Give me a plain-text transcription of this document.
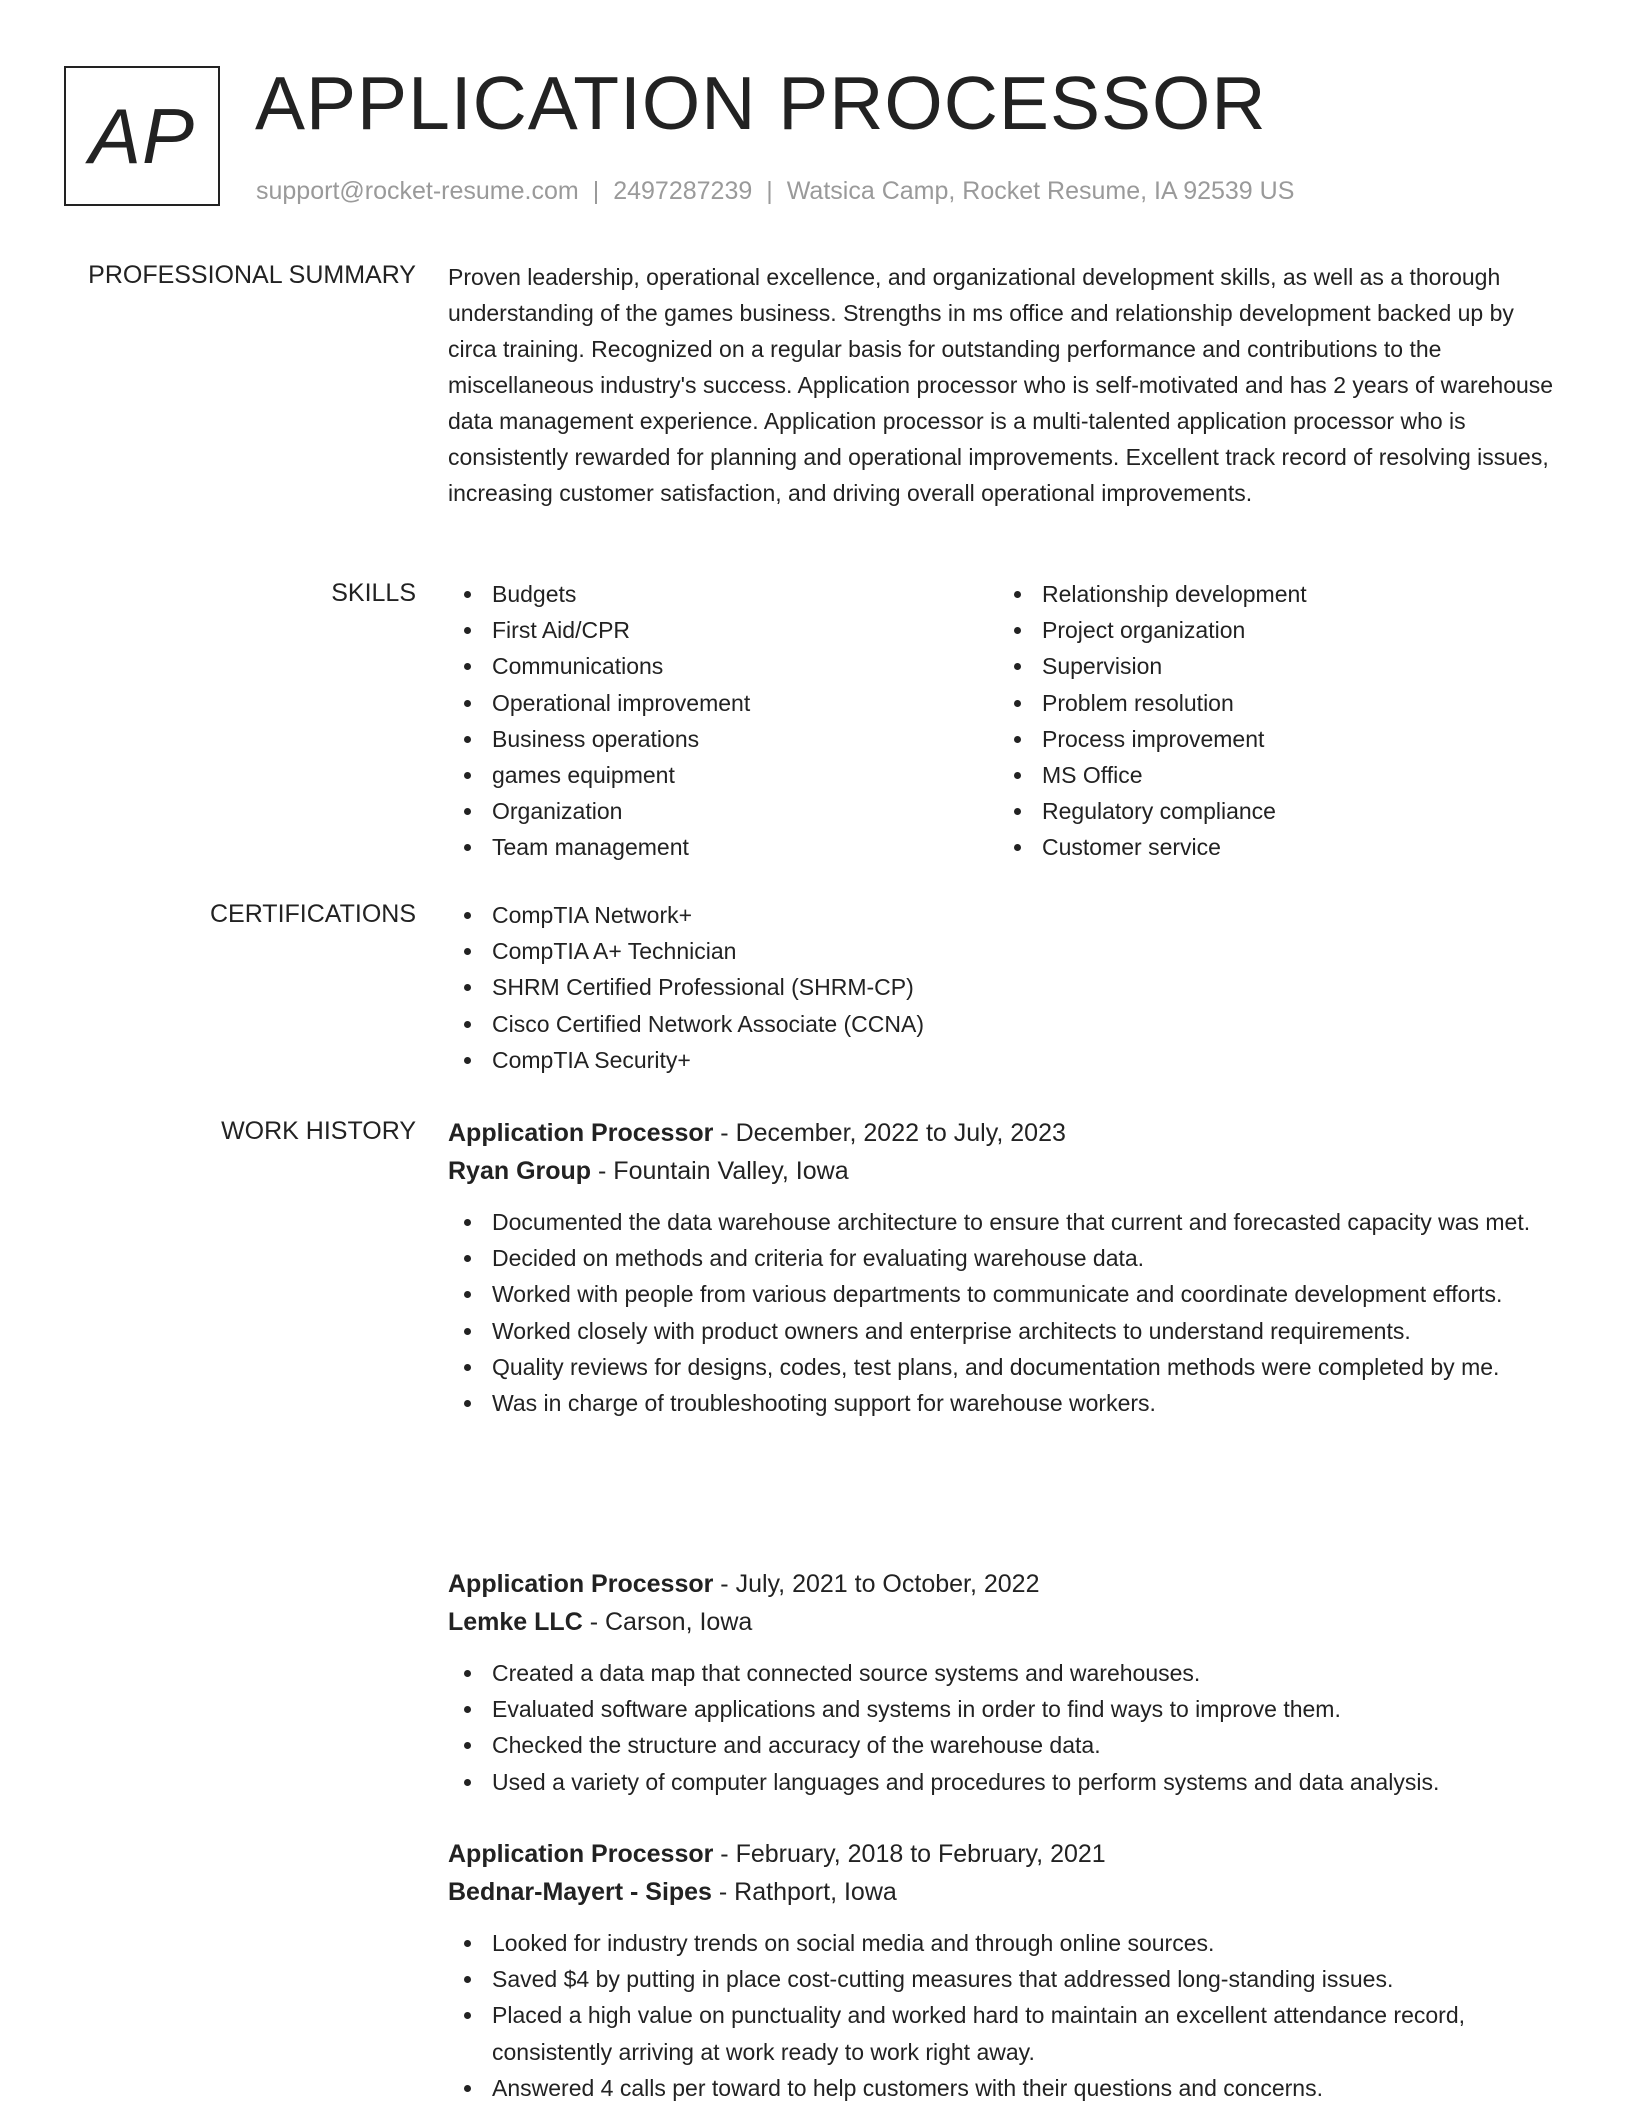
AP APPLICATION PROCESSOR
support@rocket-resume.com | 2497287239 | Watsica Camp, Rocket Resume, IA 92539 US
PROFESSIONAL SUMMARY Proven leadership, operational excellence, and organizational development skills, as well as a thorough understanding of the games business. Strengths in ms office and relationship development backed up by circa training. Recognized on a regular basis for outstanding performance and contributions to the miscellaneous industry's success. Application processor who is self-motivated and has 2 years of warehouse data management experience. Application processor is a multi-talented application processor who is consistently rewarded for planning and operational improvements. Excellent track record of resolving issues, increasing customer satisfaction, and driving overall operational improvements.

SKILLS	Budgets
First Aid/CPR
Communications
Operational improvement
Business operations
games equipment
Organization
Team management
Relationship development
Project organization
Supervision
Problem resolution
Process improvement
MS Office
Regulatory compliance
Customer service
CERTIFICATIONS	CompTIA Network+
CompTIA A+ Technician
SHRM Certified Professional (SHRM-CP)
Cisco Certified Network Associate (CCNA)
CompTIA Security+
WORK HISTORY Application Processor - December, 2022 to July, 2023
Ryan Group - Fountain Valley, Iowa
Documented the data warehouse architecture to ensure that current and forecasted capacity was met.
Decided on methods and criteria for evaluating warehouse data.
Worked with people from various departments to communicate and coordinate development efforts.
Worked closely with product owners and enterprise architects to understand requirements.
Quality reviews for designs, codes, test plans, and documentation methods were completed by me.
Was in charge of troubleshooting support for warehouse workers.
Application Processor - July, 2021 to October, 2022
Lemke LLC - Carson, Iowa
Created a data map that connected source systems and warehouses.
Evaluated software applications and systems in order to find ways to improve them.
Checked the structure and accuracy of the warehouse data.
Used a variety of computer languages and procedures to perform systems and data analysis.
Application Processor - February, 2018 to February, 2021
Bednar-Mayert - Sipes - Rathport, Iowa
Looked for industry trends on social media and through online sources.
Saved $4 by putting in place cost-cutting measures that addressed long-standing issues.
Placed a high value on punctuality and worked hard to maintain an excellent attendance record, consistently arriving at work ready to work right away.
Answered 4 calls per toward to help customers with their questions and concerns.
